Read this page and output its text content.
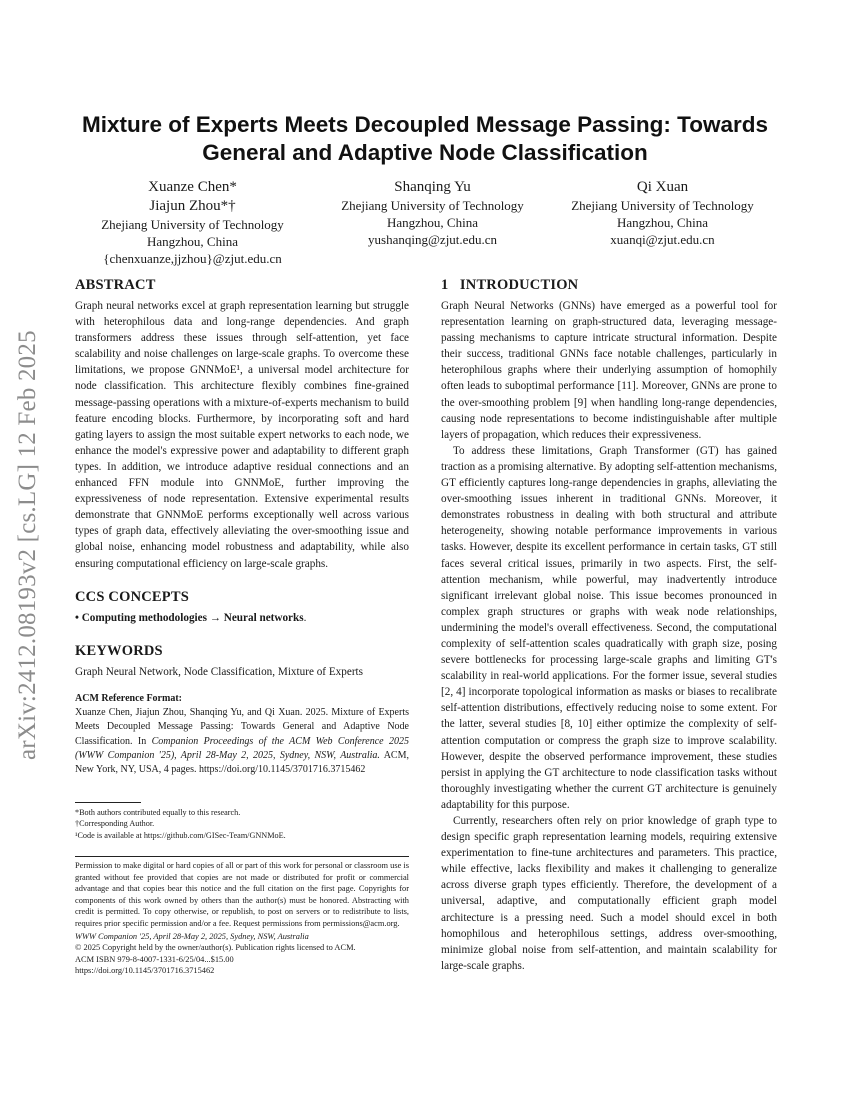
arXiv:2412.08193v2 [cs.LG] 12 Feb 2025
Mixture of Experts Meets Decoupled Message Passing: Towards General and Adaptive Node Classification
Xuanze Chen*
Jiajun Zhou*†
Zhejiang University of Technology
Hangzhou, China
{chenxuanze,jjzhou}@zjut.edu.cn
Shanqing Yu
Zhejiang University of Technology
Hangzhou, China
yushanqing@zjut.edu.cn
Qi Xuan
Zhejiang University of Technology
Hangzhou, China
xuanqi@zjut.edu.cn
ABSTRACT

Graph neural networks excel at graph representation learning but struggle with heterophilous data and long-range dependencies. And graph transformers address these issues through self-attention, yet face scalability and noise challenges on large-scale graphs. To overcome these limitations, we propose GNNMoE¹, a universal model architecture for node classification. This architecture flexibly combines fine-grained message-passing operations with a mixture-of-experts mechanism to build feature encoding blocks. Furthermore, by incorporating soft and hard gating layers to assign the most suitable expert networks to each node, we enhance the model's expressive power and adaptability to different graph types. In addition, we introduce adaptive residual connections and an enhanced FFN module into GNNMoE, further improving the expressiveness of node representation. Extensive experimental results demonstrate that GNNMoE performs exceptionally well across various types of graph data, effectively alleviating the over-smoothing issue and global noise, enhancing model robustness and adaptability, while also ensuring computational efficiency on large-scale graphs.

CCS CONCEPTS

• Computing methodologies → Neural networks.

KEYWORDS

Graph Neural Network, Node Classification, Mixture of Experts

ACM Reference Format:

Xuanze Chen, Jiajun Zhou, Shanqing Yu, and Qi Xuan. 2025. Mixture of Experts Meets Decoupled Message Passing: Towards General and Adaptive Node Classification. In Companion Proceedings of the ACM Web Conference 2025 (WWW Companion '25), April 28-May 2, 2025, Sydney, NSW, Australia. ACM, New York, NY, USA, 4 pages. https://doi.org/10.1145/3701716.3715462

*Both authors contributed equally to this research.

†Corresponding Author.

¹Code is available at https://github.com/GISec-Team/GNNMoE.

Permission to make digital or hard copies of all or part of this work for personal or classroom use is granted without fee provided that copies are not made or distributed for profit or commercial advantage and that copies bear this notice and the full citation on the first page. Copyrights for components of this work owned by others than the author(s) must be honored. Abstracting with credit is permitted. To copy otherwise, or republish, to post on servers or to redistribute to lists, requires prior specific permission and/or a fee. Request permissions from permissions@acm.org.

WWW Companion '25, April 28-May 2, 2025, Sydney, NSW, Australia

© 2025 Copyright held by the owner/author(s). Publication rights licensed to ACM.

ACM ISBN 979-8-4007-1331-6/25/04...$15.00

https://doi.org/10.1145/3701716.3715462

1   INTRODUCTION

Graph Neural Networks (GNNs) have emerged as a powerful tool for representation learning on graph-structured data, leveraging message-passing mechanisms to capture intricate structural information. Despite their success, traditional GNNs face notable challenges, particularly in heterophilous graphs where their underlying assumption of homophily often leads to suboptimal performance [11]. Moreover, GNNs are prone to the over-smoothing problem [9] when handling long-range dependencies, causing node representations to become indistinguishable after multiple layers of propagation, which reduces their expressiveness.

To address these limitations, Graph Transformer (GT) has gained traction as a promising alternative. By adopting self-attention mechanisms, GT efficiently captures long-range dependencies in graphs, alleviating the over-smoothing issues inherent in traditional GNNs. Moreover, it demonstrates robustness in dealing with both structural and attribute heterogeneity, showing notable performance improvements in various tasks. However, despite its excellent performance in certain tasks, GT still faces several critical issues, primarily in two aspects. First, the self-attention mechanism, while powerful, may inadvertently introduce significant irrelevant global noise. This issue becomes pronounced in complex graph structures or graphs with weak node relationships, undermining the model's overall effectiveness. Second, the computational complexity of self-attention scales quadratically with graph size, posing severe bottlenecks for processing large-scale graphs and limiting GT's scalability in real-world applications. For the former issue, several studies [2, 4] incorporate topological information as masks or biases to recalibrate self-attention distributions, effectively reducing noise to some extent. For the latter, several studies [8, 10] either optimize the complexity of self-attention computation or compress the graph size to improve scalability. However, despite the observed performance improvement, these studies persist in applying the GT architecture to node classification tasks without thoroughly investigating whether the current GT architecture is genuinely adaptability for this purpose.

Currently, researchers often rely on prior knowledge of graph type to design specific graph representation learning models, requiring extensive experimentation to fine-tune architectures and parameters. This practice, while effective, lacks flexibility and makes it challenging to generalize across diverse graph types efficiently. Therefore, the development of a universal, adaptive, and computationally efficient graph model architecture is a pressing need. Such a model should excel in both homophilous and heterophilous settings, address over-smoothing, minimize global noise from self-attention, and maintain scalability for large-scale graphs.
